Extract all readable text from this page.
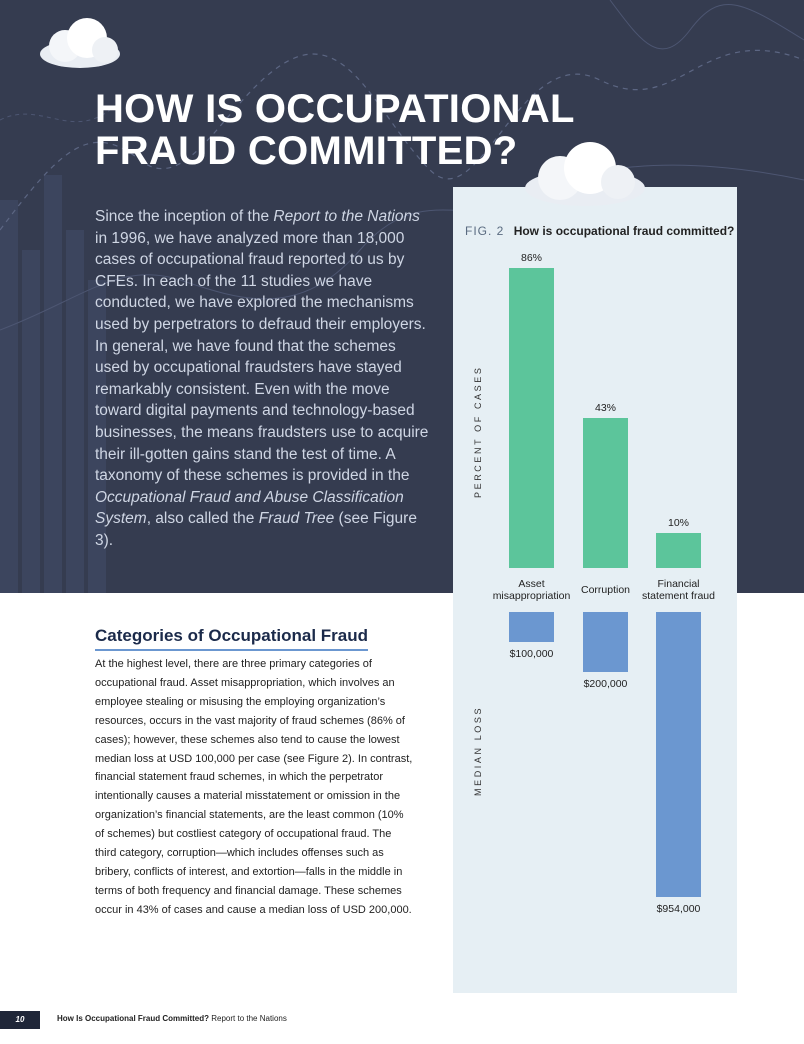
HOW IS OCCUPATIONAL
FRAUD COMMITTED?

Since the inception of the Report to the Nations in 1996, we have analyzed more than 18,000 cases of occupational fraud reported to us by CFEs. In each of the 11 studies we have conducted, we have explored the mechanisms used by perpetrators to defraud their employers. In general, we have found that the schemes used by occupational fraudsters have stayed remarkably consistent. Even with the move toward digital payments and technology-based businesses, the means fraudsters use to acquire their ill-gotten gains stand the test of time. A taxonomy of these schemes is provided in the Occupational Fraud and Abuse Classification System, also called the Fraud Tree (see Figure 3).

FIG. 2 How is occupational fraud committed?
86%
43%
10%
Asset
misappropriation	Corruption	Financial
statement fraud
$100,000
$200,000
$954,000
PERCENT OF CASES
MEDIAN LOSS
Categories of Occupational Fraud

At the highest level, there are three primary categories of occupational fraud. Asset misappropriation, which involves an employee stealing or misusing the employing organization’s resources, occurs in the vast majority of fraud schemes (86% of cases); however, these schemes also tend to cause the lowest median loss at USD 100,000 per case (see Figure 2). In contrast, financial statement fraud schemes, in which the perpetrator intentionally causes a material misstatement or omission in the organization’s financial statements, are the least common (10% of schemes) but costliest category of occupational fraud. The third category, corruption—which includes offenses such as bribery, conflicts of interest, and extortion—falls in the middle in terms of both frequency and financial damage. These schemes occur in 43% of cases and cause a median loss of USD 200,000.

10	How Is Occupational Fraud Committed? Report to the Nations
